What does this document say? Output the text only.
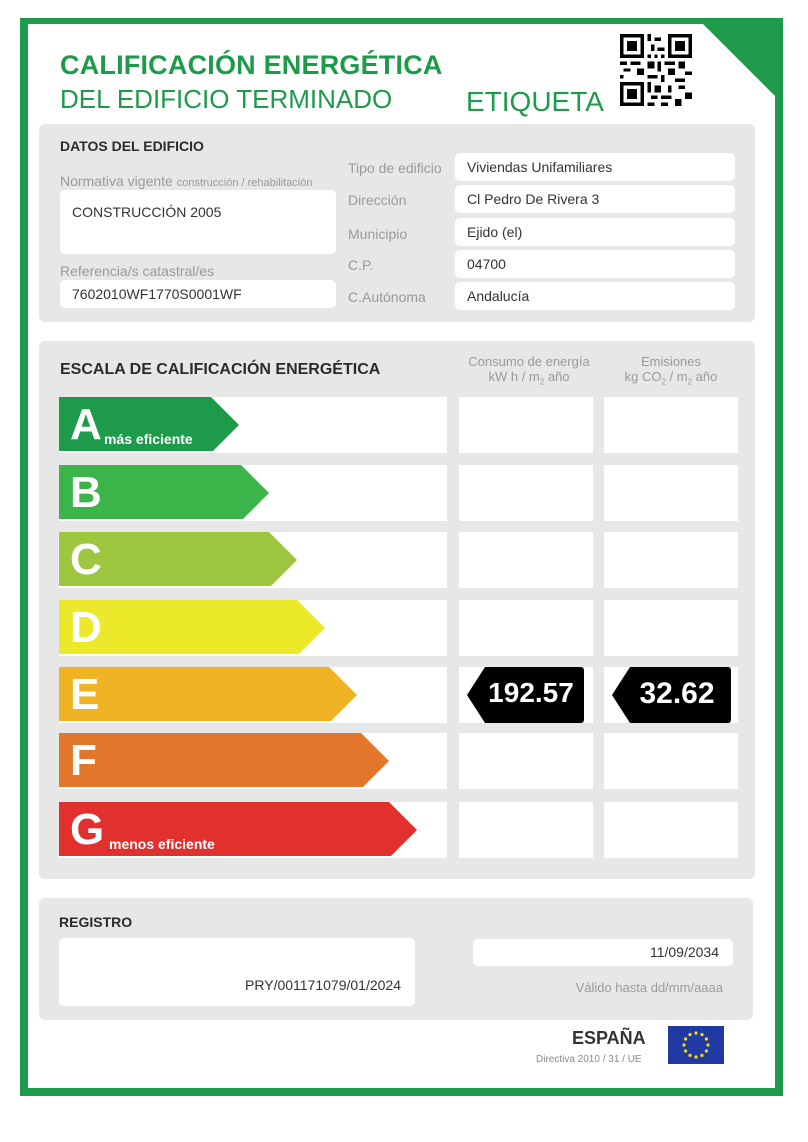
CALIFICACIÓN ENERGÉTICA
DEL EDIFICIO TERMINADO	ETIQUETA
DATOS DEL EDIFICIO
Normativa vigente construcción / rehabilitación
CONSTRUCCIÓN 2005
Referencia/s catastral/es
7602010WF1770S0001WF
Tipo de edificio	Viviendas Unifamiliares
Dirección	Cl Pedro De Rivera 3
Municipio	Ejido (el)
C.P.	04700
C.Autónoma	Andalucía
ESCALA DE CALIFICACIÓN ENERGÉTICA	Consumo de energía
kW h / $m_2$ año
Emisiones
kg $CO_2 / m_2$ año
A más eficiente
B
C
D
E	192.57	32.62
F
G menos eficiente
REGISTRO
PRY/001171079/01/2024
11/09/2034
Válido hasta dd/mm/aaaa
ESPAÑA
Directiva 2010 / 31 / UE
